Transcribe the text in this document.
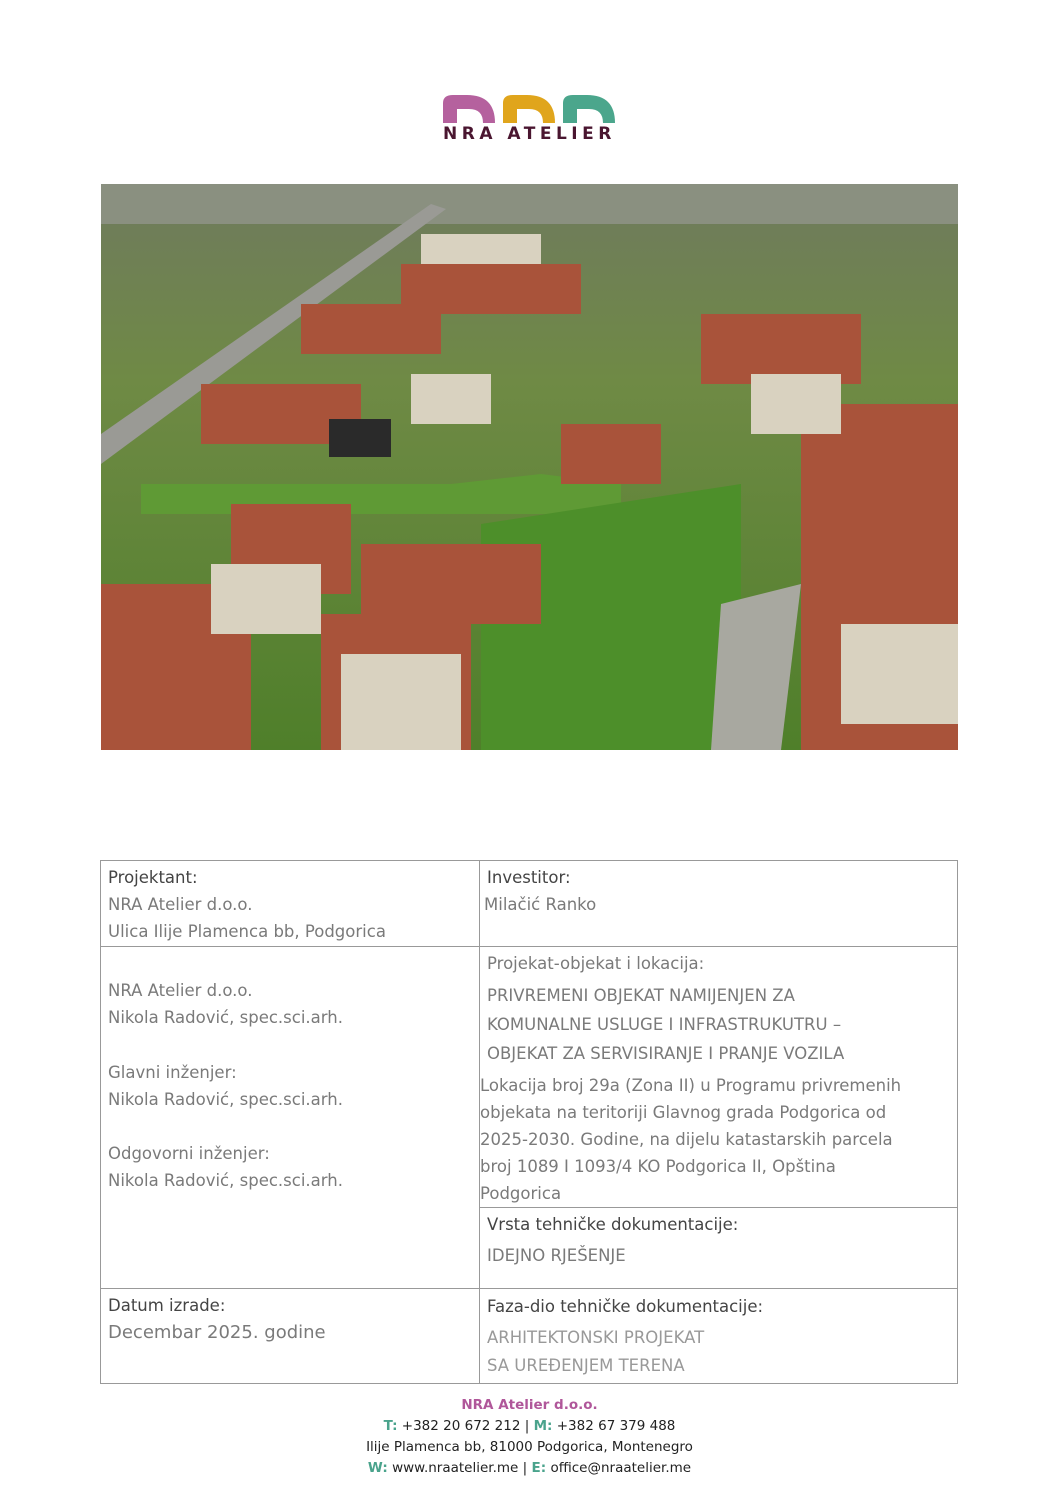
NRA ATELIER
Projektant:
NRA Atelier d.o.o.
Ulica Ilije Plamenca bb, Podgorica
Investitor:
Milačić Ranko
NRA Atelier d.o.o.
Nikola Radović, spec.sci.arh.
Glavni inženjer:
Nikola Radović, spec.sci.arh.
Odgovorni inženjer:
Nikola Radović, spec.sci.arh.
Projekat-objekat i lokacija:
PRIVREMENI OBJEKAT NAMIJENJEN ZA
KOMUNALNE USLUGE I INFRASTRUKUTRU –
OBJEKAT ZA SERVISIRANJE I PRANJE VOZILA
Lokacija broj 29a (Zona II) u Programu privremenih
objekata na teritoriji Glavnog grada Podgorica od
2025-2030. Godine, na dijelu katastarskih parcela
broj 1089 I 1093/4 KO Podgorica II, Opština
Podgorica
Vrsta tehničke dokumentacije:
IDEJNO RJEŠENJE
Datum izrade:
Decembar 2025. godine
Faza-dio tehničke dokumentacije:
ARHITEKTONSKI PROJEKAT
SA UREĐENJEM TERENA
NRA Atelier d.o.o.
T: +382 20 672 212 | M: +382 67 379 488
Ilije Plamenca bb, 81000 Podgorica, Montenegro
W: www.nraatelier.me | E: office@nraatelier.me
